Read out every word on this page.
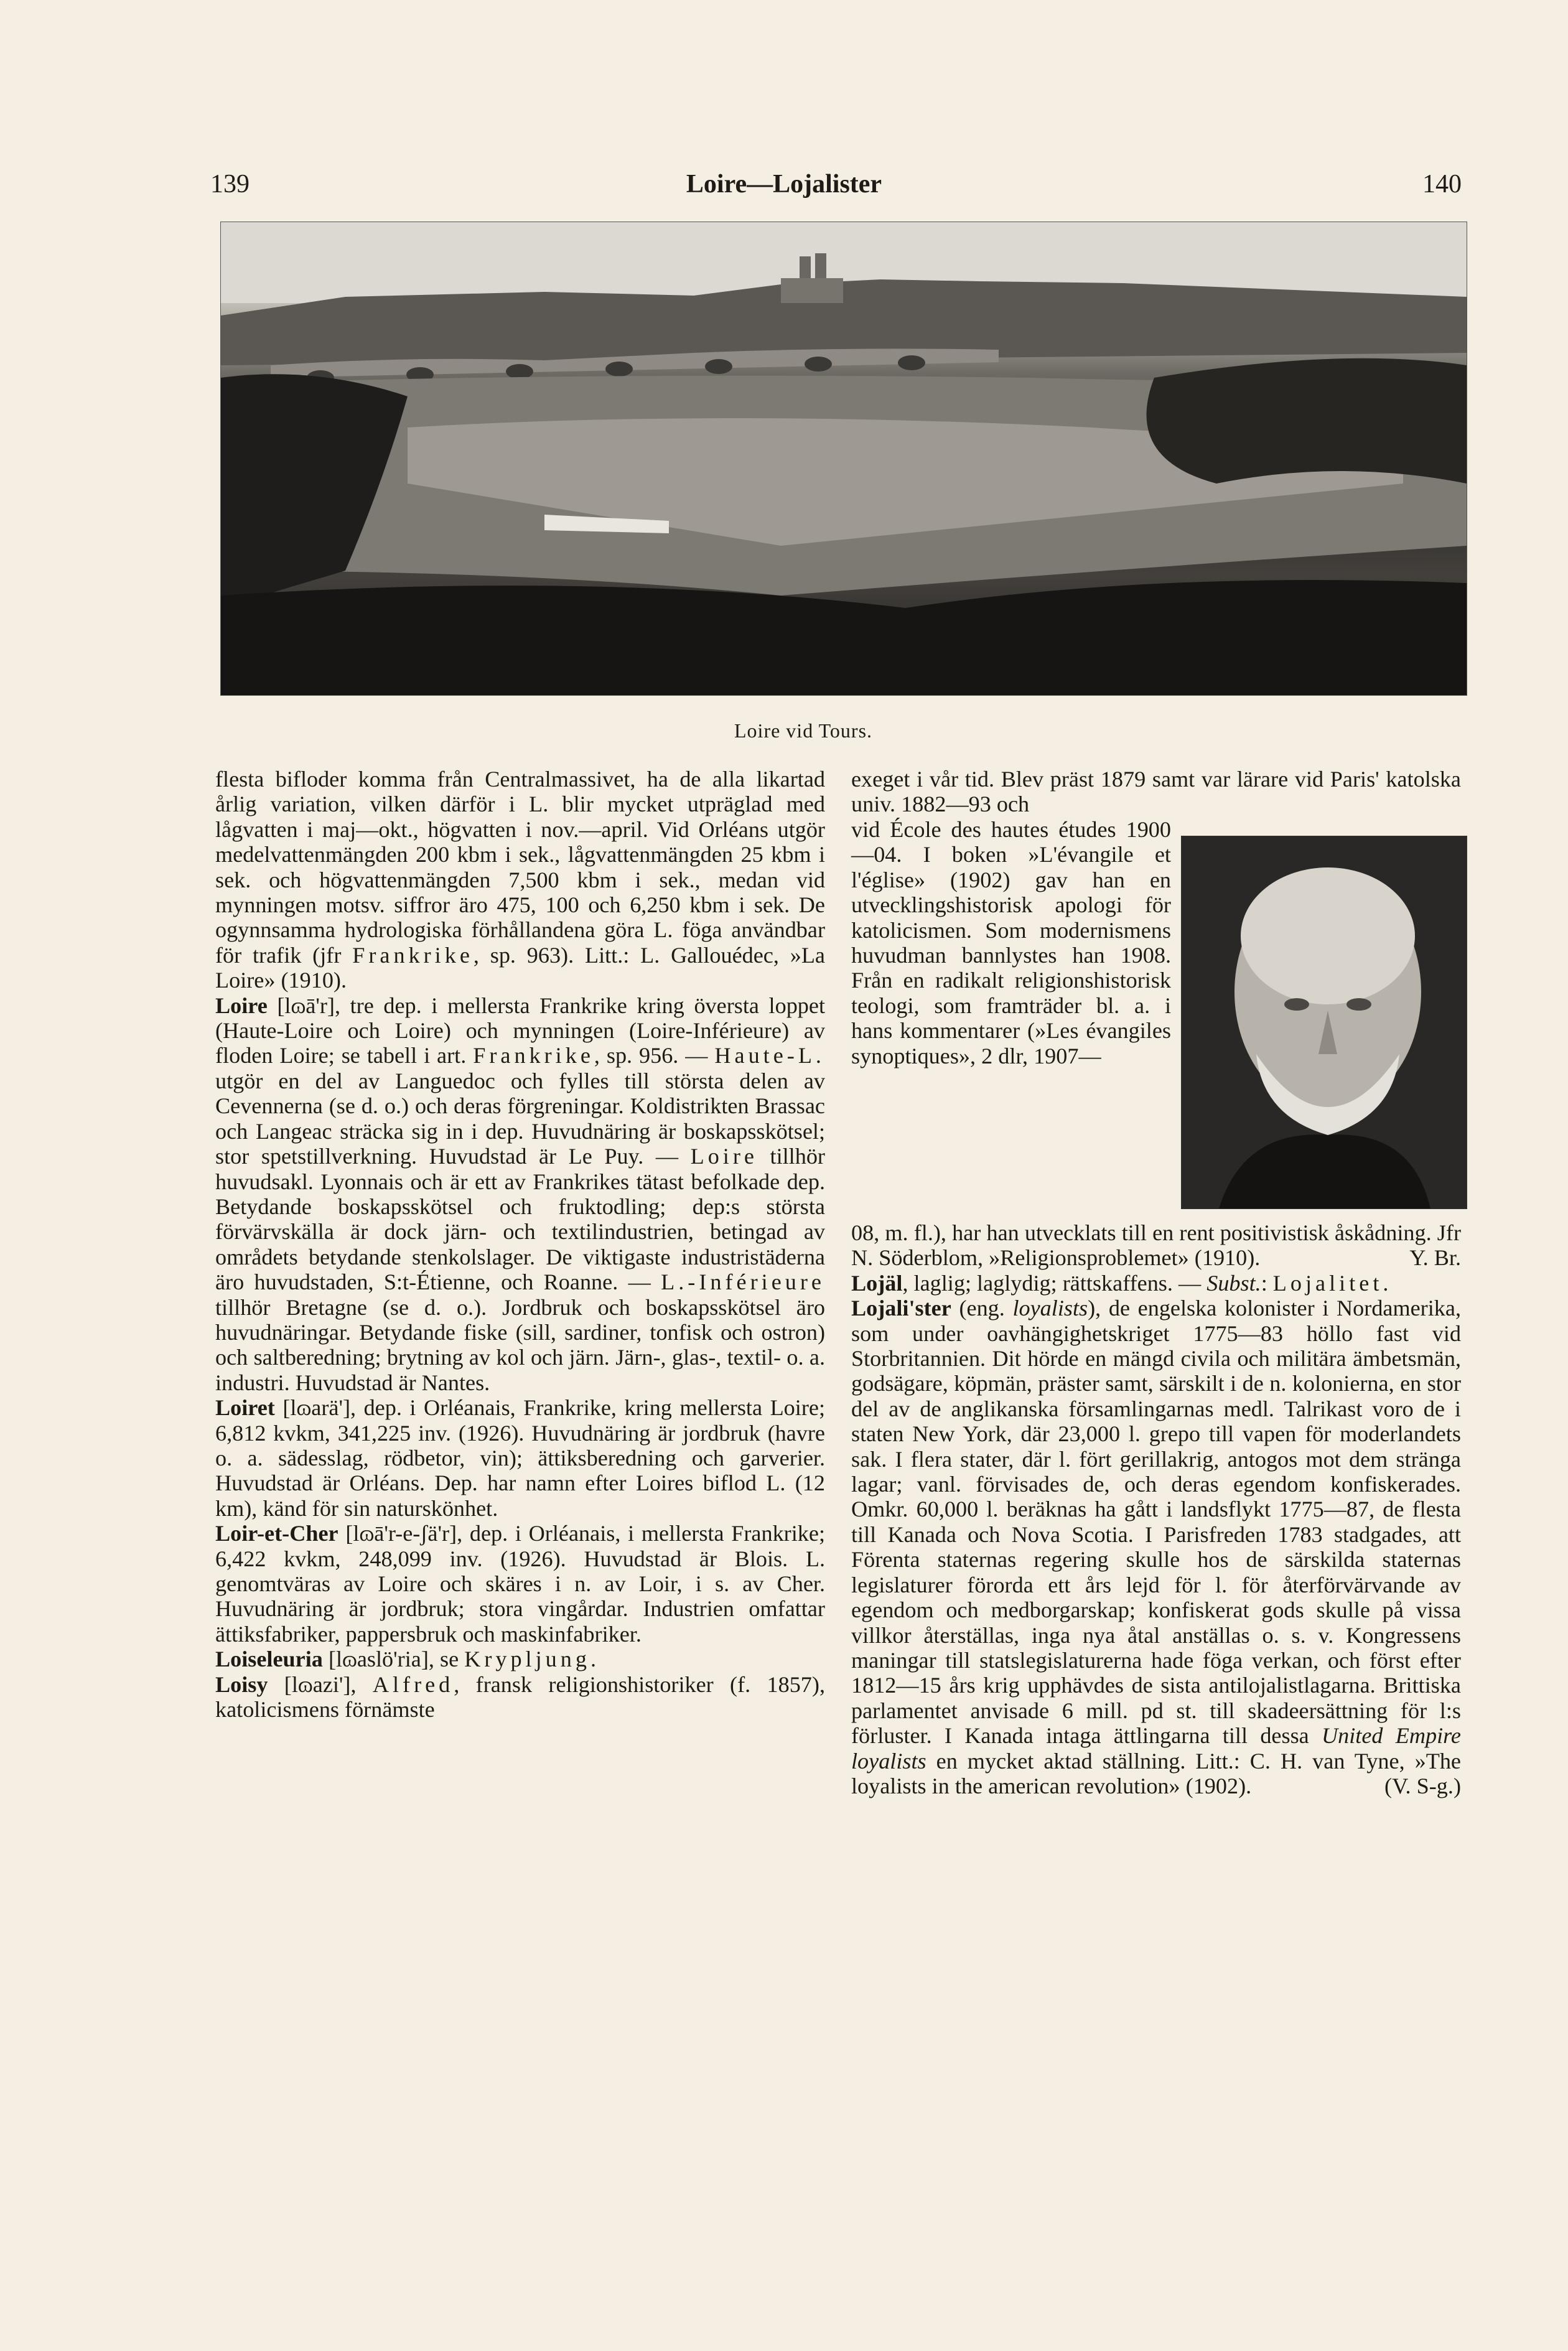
139	Loire—Lojalister	140
Loire vid Tours.

flesta bifloder komma från Centralmassivet, ha de alla likartad årlig variation, vilken därför i L. blir mycket utpräglad med lågvatten i maj—okt., högvatten i nov.—april. Vid Orléans utgör medelvattenmängden 200 kbm i sek., lågvattenmängden 25 kbm i sek. och högvattenmängden 7,500 kbm i sek., medan vid mynningen motsv. siffror äro 475, 100 och 6,250 kbm i sek. De ogynnsamma hydrologiska förhållandena göra L. föga användbar för trafik (jfr Frankrike, sp. 963). Litt.: L. Gallouédec, »La Loire» (1910).

Loire [lɷā'r], tre dep. i mellersta Frankrike kring översta loppet (Haute-Loire och Loire) och mynningen (Loire-Inférieure) av floden Loire; se tabell i art. Frankrike, sp. 956. — Haute-L. utgör en del av Languedoc och fylles till största delen av Cevennerna (se d. o.) och deras förgreningar. Koldistrikten Brassac och Langeac sträcka sig in i dep. Huvudnäring är boskapsskötsel; stor spetstillverkning. Huvudstad är Le Puy. — Loire tillhör huvudsakl. Lyonnais och är ett av Frankrikes tätast befolkade dep. Betydande boskapsskötsel och fruktodling; dep:s största förvärvskälla är dock järn- och textilindustrien, betingad av områdets betydande stenkolslager. De viktigaste industristäderna äro huvudstaden, S:t-Étienne, och Roanne. — L.-Inférieure tillhör Bretagne (se d. o.). Jordbruk och boskapsskötsel äro huvudnäringar. Betydande fiske (sill, sardiner, tonfisk och ostron) och saltberedning; brytning av kol och järn. Järn-, glas-, textil- o. a. industri. Huvudstad är Nantes.

Loiret [lɷarä'], dep. i Orléanais, Frankrike, kring mellersta Loire; 6,812 kvkm, 341,225 inv. (1926). Huvudnäring är jordbruk (havre o. a. sädesslag, rödbetor, vin); ättiksberedning och garverier. Huvudstad är Orléans. Dep. har namn efter Loires biflod L. (12 km), känd för sin naturskönhet.

Loir-et-Cher [lɷā'r-e-ʃä'r], dep. i Orléanais, i mellersta Frankrike; 6,422 kvkm, 248,099 inv. (1926). Huvudstad är Blois. L. genomtväras av Loire och skäres i n. av Loir, i s. av Cher. Huvudnäring är jordbruk; stora vingårdar. Industrien omfattar ättiksfabriker, pappersbruk och maskinfabriker.

Loiseleuria [lɷaslö'ria], se Krypljung.

Loisy [lɷazi'], Alfred, fransk religionshistoriker (f. 1857), katolicismens förnämste

exeget i vår tid. Blev präst 1879 samt var lärare vid Paris' katolska univ. 1882—93 och

vid École des hautes études 1900—04. I boken »L'évangile et l'église» (1902) gav han en utvecklingshistorisk apologi för katolicismen. Som modernismens huvudman bannlystes han 1908. Från en radikalt religionshistorisk teologi, som framträder bl. a. i hans kommentarer (»Les évangiles synoptiques», 2 dlr, 1907—

08, m. fl.), har han utvecklats till en rent positivistisk åskådning. Jfr N. Söderblom, »Religionsproblemet» (1910).	Y. Br.

Lojäl, laglig; laglydig; rättskaffens. — Subst.: Lojalitet.

Lojali'ster (eng. loyalists), de engelska kolonister i Nordamerika, som under oavhängighetskriget 1775—83 höllo fast vid Storbritannien. Dit hörde en mängd civila och militära ämbetsmän, godsägare, köpmän, präster samt, särskilt i de n. kolonierna, en stor del av de anglikanska församlingarnas medl. Talrikast voro de i staten New York, där 23,000 l. grepo till vapen för moderlandets sak. I flera stater, där l. fört gerillakrig, antogos mot dem stränga lagar; vanl. förvisades de, och deras egendom konfiskerades. Omkr. 60,000 l. beräknas ha gått i landsflykt 1775—87, de flesta till Kanada och Nova Scotia. I Parisfreden 1783 stadgades, att Förenta staternas regering skulle hos de särskilda staternas legislaturer förorda ett års lejd för l. för återförvärvande av egendom och medborgarskap; konfiskerat gods skulle på vissa villkor återställas, inga nya åtal anställas o. s. v. Kongressens maningar till statslegislaturerna hade föga verkan, och först efter 1812—15 års krig upphävdes de sista antilojalistlagarna. Brittiska parlamentet anvisade 6 mill. pd st. till skadeersättning för l:s förluster. I Kanada intaga ättlingarna till dessa United Empire loyalists en mycket aktad ställning. Litt.: C. H. van Tyne, »The loyalists in the american revolution» (1902).	(V. S-g.)
